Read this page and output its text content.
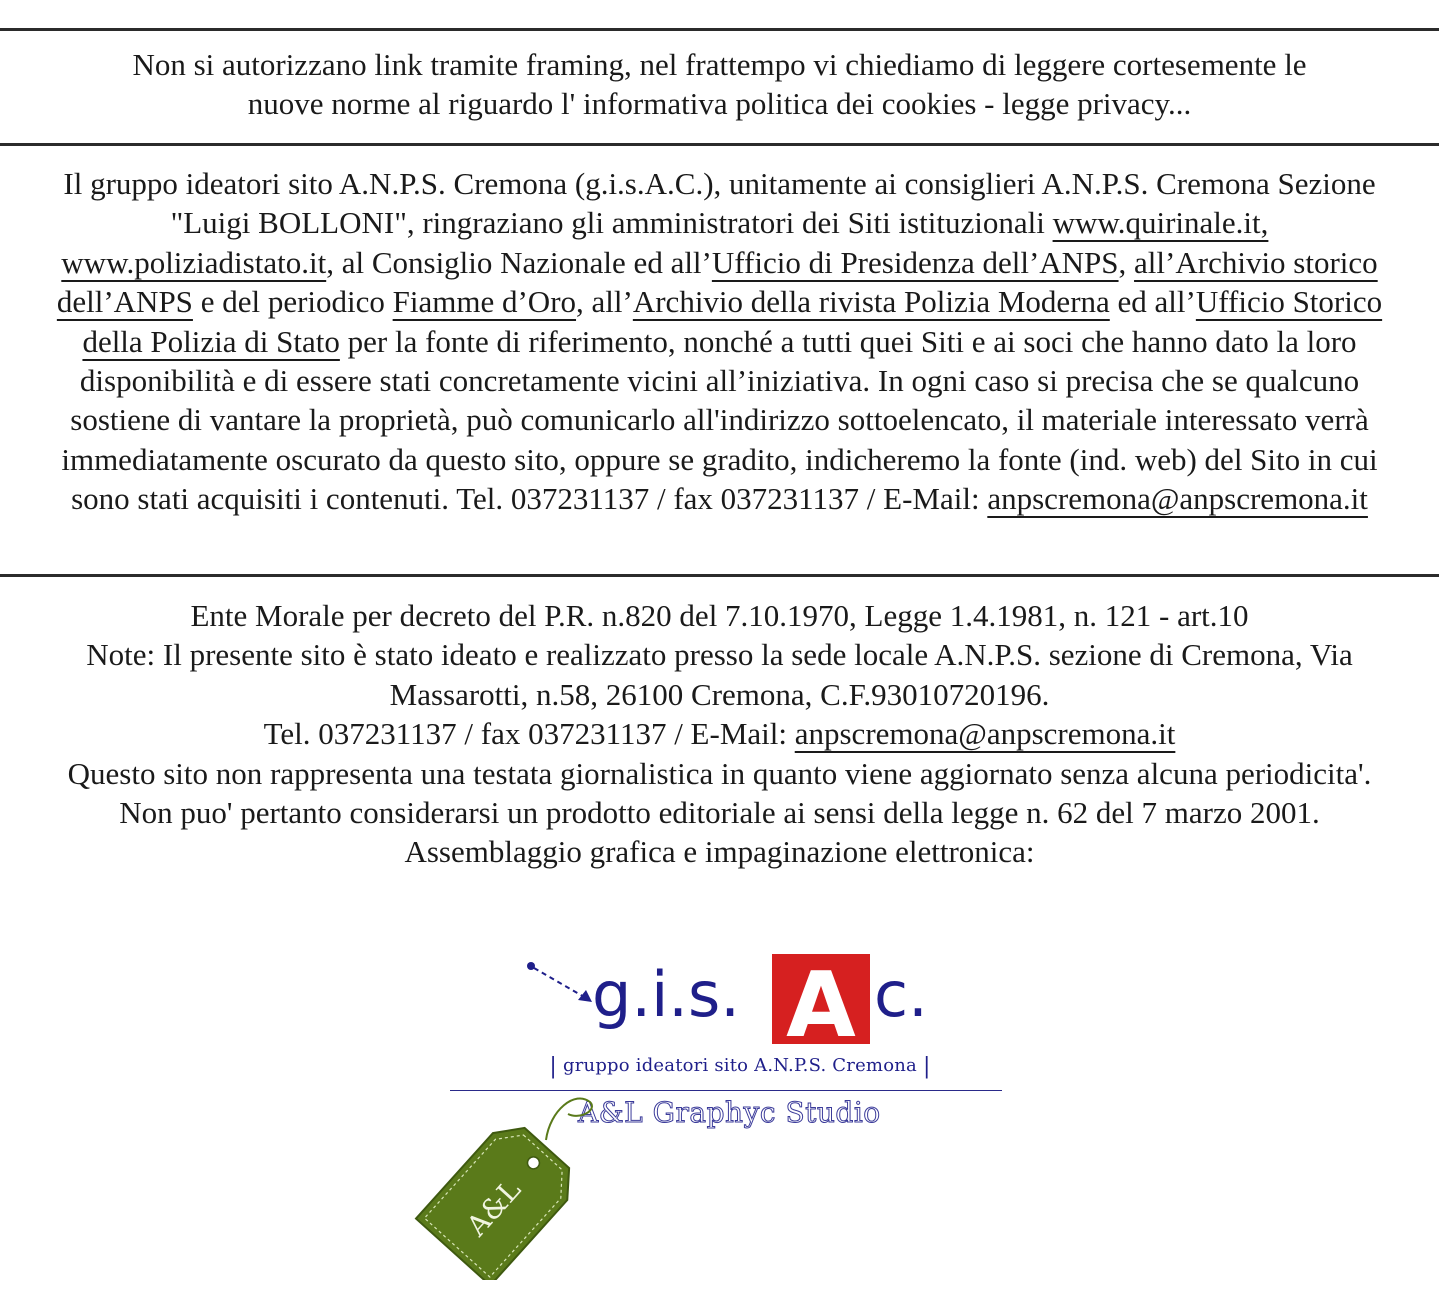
Non si autorizzano link tramite framing, nel frattempo vi chiediamo di leggere cortesemente le

nuove norme al riguardo l' informativa politica dei cookies - legge privacy...

Il gruppo ideatori sito A.N.P.S. Cremona (g.i.s.A.C.), unitamente ai consiglieri A.N.P.S. Cremona Sezione "Luigi BOLLONI", ringraziano gli amministratori dei Siti istituzionali www.quirinale.it, www.poliziadistato.it, al Consiglio Nazionale ed all’Ufficio di Presidenza dell’ANPS, all’Archivio storico dell’ANPS e del periodico Fiamme d’Oro, all’Archivio della rivista Polizia Moderna ed all’Ufficio Storico della Polizia di Stato per la fonte di riferimento, nonché a tutti quei Siti e ai soci che hanno dato la loro disponibilità e di essere stati concretamente vicini all’iniziativa. In ogni caso si precisa che se qualcuno sostiene di vantare la proprietà, può comunicarlo all'indirizzo sottoelencato, il materiale interessato verrà immediatamente oscurato da questo sito, oppure se gradito, indicheremo la fonte (ind. web) del Sito in cui sono stati acquisiti i contenuti. Tel. 037231137 / fax 037231137 / E-Mail: anpscremona@anpscremona.it

Ente Morale per decreto del P.R. n.820 del 7.10.1970, Legge 1.4.1981, n. 121 - art.10

Note: Il presente sito è stato ideato e realizzato presso la sede locale A.N.P.S. sezione di Cremona, Via Massarotti, n.58, 26100 Cremona, C.F.93010720196.

Tel. 037231137 / fax 037231137 / E-Mail: anpscremona@anpscremona.it

Questo sito non rappresenta una testata giornalistica in quanto viene aggiornato senza alcuna periodicita'. Non puo' pertanto considerarsi un prodotto editoriale ai sensi della legge n. 62 del 7 marzo 2001.

Assemblaggio grafica e impaginazione elettronica:

g.i.s. A c.
| gruppo ideatori sito A.N.P.S. Cremona |
A&L Graphyc Studio
A&L
